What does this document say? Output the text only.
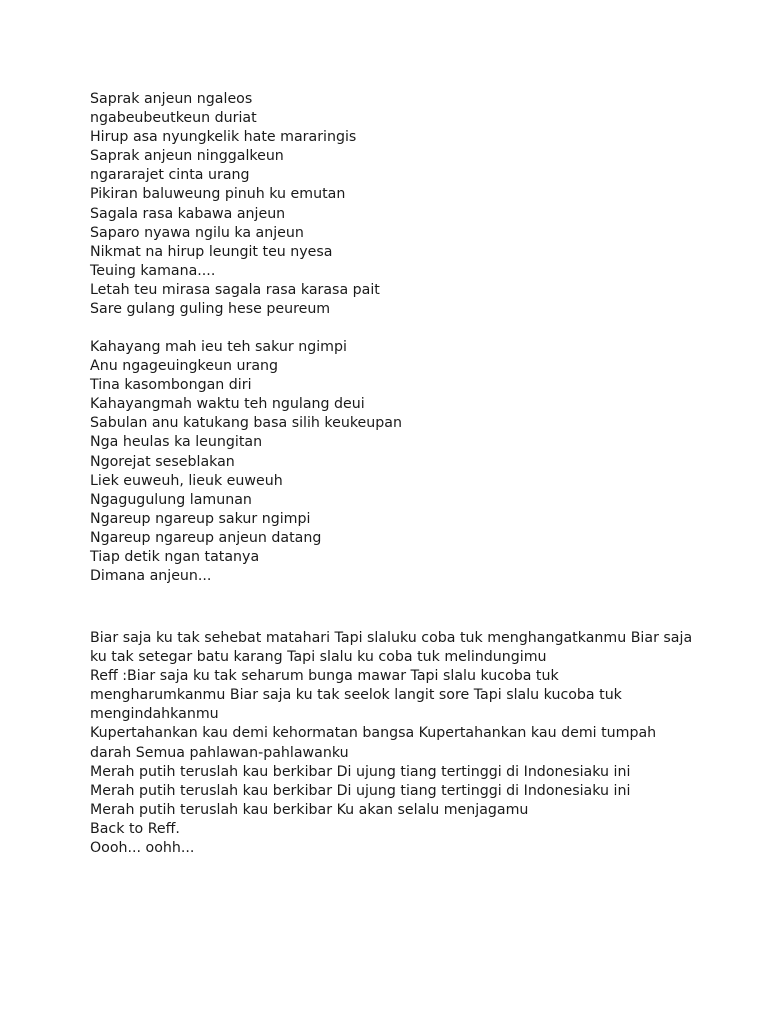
Saprak anjeun ngaleos
ngabeubeutkeun duriat
Hirup asa nyungkelik hate mararingis
Saprak anjeun ninggalkeun
ngararajet cinta urang
Pikiran baluweung pinuh ku emutan
Sagala rasa kabawa anjeun
Saparo nyawa ngilu ka anjeun
Nikmat na hirup leungit teu nyesa
Teuing kamana....
Letah teu mirasa sagala rasa karasa pait
Sare gulang guling hese peureum
Kahayang mah ieu teh sakur ngimpi
Anu ngageuingkeun urang
Tina kasombongan diri
Kahayangmah waktu teh ngulang deui
Sabulan anu katukang basa silih keukeupan
Nga heulas ka leungitan
Ngorejat seseblakan
Liek euweuh, lieuk euweuh
Ngagugulung lamunan
Ngareup ngareup sakur ngimpi
Ngareup ngareup anjeun datang
Tiap detik ngan tatanya
Dimana anjeun...
Biar saja ku tak sehebat matahari Tapi slaluku coba tuk menghangatkanmu Biar saja
ku tak setegar batu karang Tapi slalu ku coba tuk melindungimu
Reff :Biar saja ku tak seharum bunga mawar Tapi slalu kucoba tuk
mengharumkanmu Biar saja ku tak seelok langit sore Tapi slalu kucoba tuk
mengindahkanmu
Kupertahankan kau demi kehormatan bangsa Kupertahankan kau demi tumpah
darah Semua pahlawan-pahlawanku
Merah putih teruslah kau berkibar Di ujung tiang tertinggi di Indonesiaku ini
Merah putih teruslah kau berkibar Di ujung tiang tertinggi di Indonesiaku ini
Merah putih teruslah kau berkibar Ku akan selalu menjagamu
Back to Reff.
Oooh... oohh...
